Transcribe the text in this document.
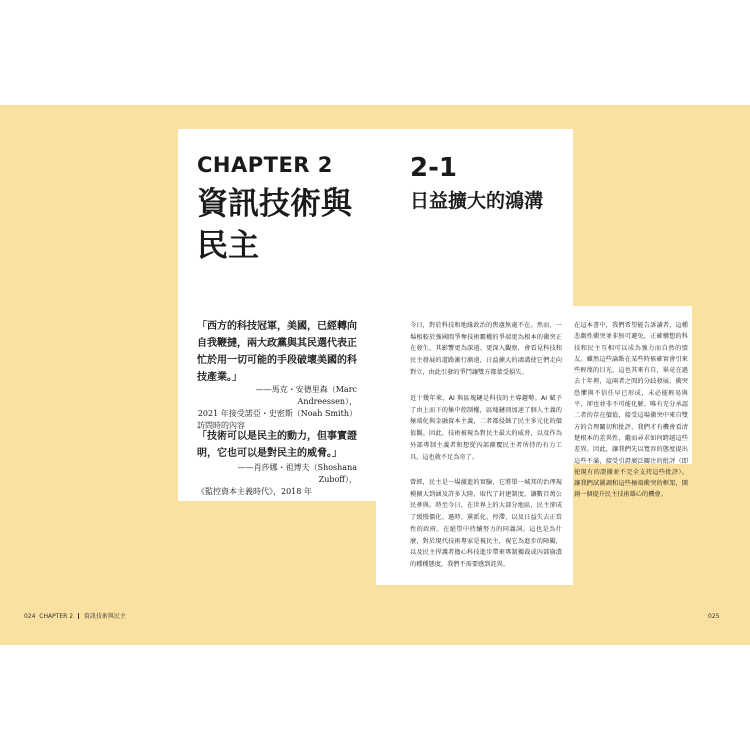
CHAPTER 2
資訊技術與民主
2-1
日益擴大的鴻溝
「西方的科技冠軍，美國，已經轉向自我鞭撻，兩大政黨與其民選代表正忙於用一切可能的手段破壞美國的科技產業。」
——馬克・安德里森（Marc Andreessen），
2021 年接受諾亞・史密斯（Noah Smith）
訪問時的內容
「技術可以是民主的動力，但事實證明，它也可以是對民主的威脅。」
——肖莎娜・祖博夫（Shoshana Zuboff），
《監控資本主義時代》，2018 年
今日，對於科技和地緣政治的焦慮無處不在。然而，一場相較於強國間爭奪技術霸權的爭端更為根本的衝突正在發生，其影響更為深遠、更深入觀察，會看見科技和民主發展的道路漸行漸遠，日益擴大的鴻溝使它們走向對立，由此引發的爭鬥讓雙方都蒙受損失。
近十幾年來，AI 與區塊鏈是科技的主導趨勢。AI 賦予了由上而下的集中控制權，區塊鏈則加速了個人主義的極端化與金融資本主義，二者都侵蝕了民主多元化的價值觀。因此，技術被視為對民主最大的威脅，以及作為外部專制主義者和想從內部顛覆民主者所持的有力工具，這也就不足為奇了。
曾經，民主是一場激進的實驗，它將單一城邦的治理規模擴大到涵及許多大陸，取代了封建制度，讓數百萬公民參與。時至今日，在世界上的大部分地區，民主卻成了緩慢僵化、過時、黨派化、停滯，以及日益失去正當性的政府。在絕望中持續努力的同義詞。這也是為什麼，對於現代技術專家是視民主，視它為進步的障礙，以及民主捍護者擔心科技進步帶來專制獨裁或內部崩潰的種種態度，我們不需要感到詫異。
在這本書中，我們希望能告訴讀者，這種悲劇性衝突並非無可避免，正確構想的科技和民主互相可以成為強力而自然的盟友。雖然這些論點在某些時候確實會引來些輕蔑的目光，這也其來有自，畢竟在過去十年裡，這兩者之間的分歧發展，衝突恐懼與不信任早已形成，未必能輕易與平，卻也並非不可能化解。唯有充分承認二者的存在價值，接受這場衝突中來自雙方的合理關切和批評，我們才有機會看清楚根本的差異性，繼而尋求如何跨越這些差異。因此，讓我們先以寬容的態度提出這些不滿，接受引證廣泛關注的批評（即使現有的證據並不完全支持這些批評）。讓我們試圖調和這些極端衝突的框架，開創一個提升民主技術雄心的機會。
024 CHAPTER 2 資訊技術與民主	025
